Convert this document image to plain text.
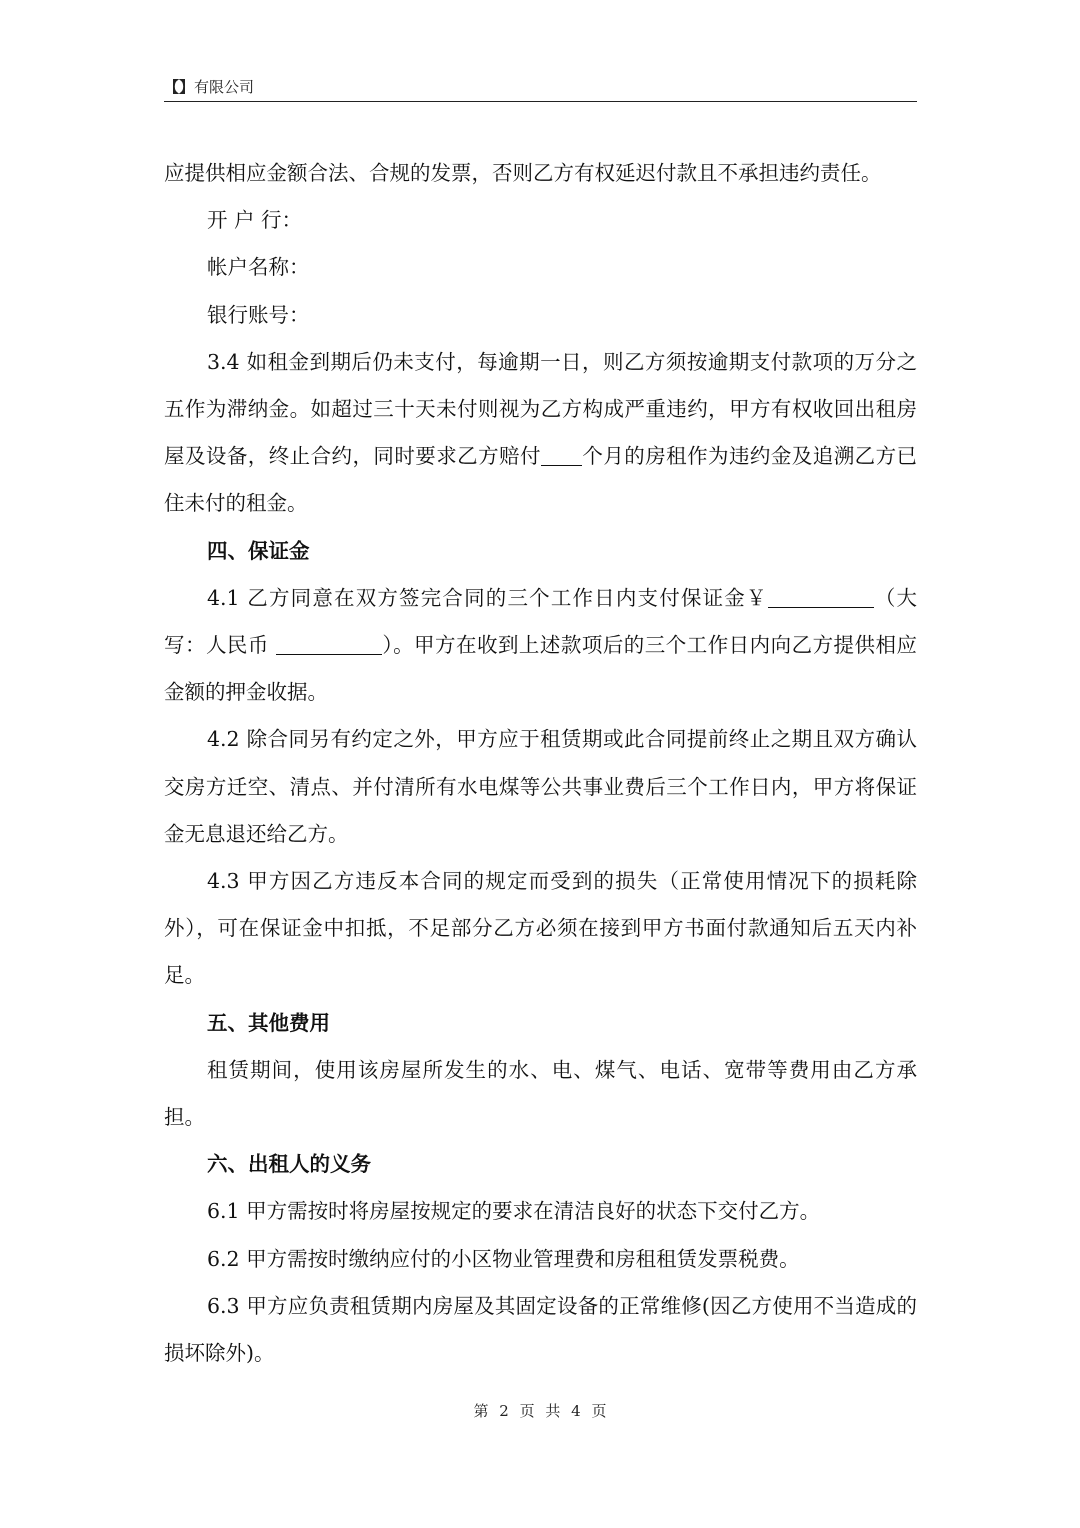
【】有限公司

应提供相应金额合法、合规的发票，否则乙方有权延迟付款且不承担违约责任。

开 户 行：

帐户名称：

银行账号：

3.4 如租金到期后仍未支付，每逾期一日，则乙方须按逾期支付款项的万分之五作为滞纳金。如超过三十天未付则视为乙方构成严重违约，甲方有权收回出租房屋及设备，终止合约，同时要求乙方赔付 个月的房租作为违约金及追溯乙方已住未付的租金。

四、保证金

4.1 乙方同意在双方签完合同的三个工作日内支付保证金￥	（大写：人民币	）。甲方在收到上述款项后的三个工作日内向乙方提供相应金额的押金收据。

4.2 除合同另有约定之外，甲方应于租赁期或此合同提前终止之期且双方确认交房方迁空、清点、并付清所有水电煤等公共事业费后三个工作日内，甲方将保证金无息退还给乙方。

4.3 甲方因乙方违反本合同的规定而受到的损失（正常使用情况下的损耗除外），可在保证金中扣抵，不足部分乙方必须在接到甲方书面付款通知后五天内补足。

五、其他费用

租赁期间，使用该房屋所发生的水、电、煤气、电话、宽带等费用由乙方承担。

六、出租人的义务

6.1 甲方需按时将房屋按规定的要求在清洁良好的状态下交付乙方。

6.2 甲方需按时缴纳应付的小区物业管理费和房租租赁发票税费。

6.3 甲方应负责租赁期内房屋及其固定设备的正常维修(因乙方使用不当造成的损坏除外)。

第 2 页 共 4 页
